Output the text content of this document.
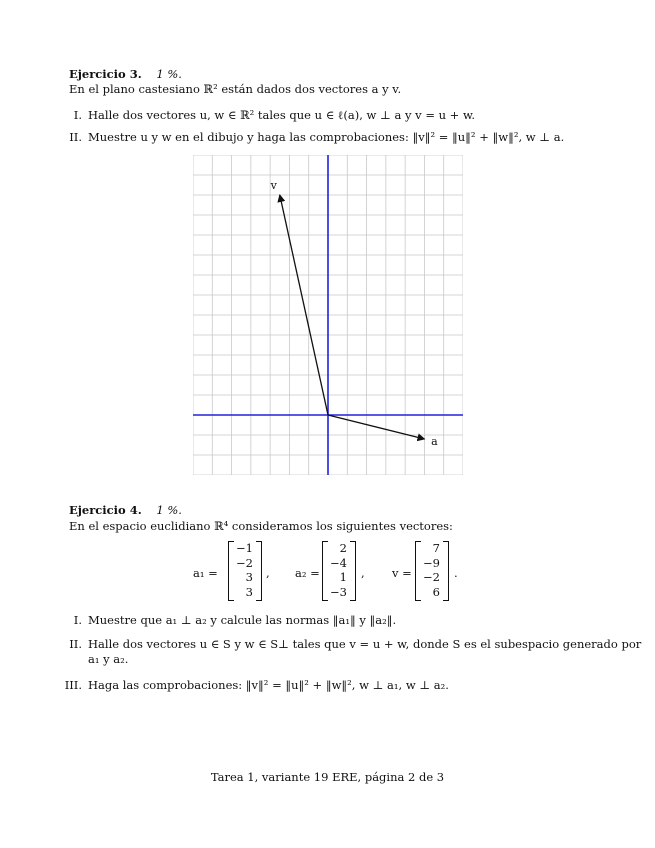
Ejercicio 3. 1 %.
En el plano castesiano ℝ² están dados dos vectores a y v.
I. Halle dos vectores u, w ∈ ℝ² tales que u ∈ ℓ(a), w ⊥ a y v = u + w.
II. Muestre u y w en el dibujo y haga las comprobaciones: ‖v‖² = ‖u‖² + ‖w‖², w ⊥ a.
v
a
Ejercicio 4. 1 %.
En el espacio euclidiano ℝ⁴ consideramos los siguientes vectores:
a₁ =
−1
−2
3
3
, a₂ =
2
−4
1
−3
, v =
7
−9
−2
6
.
I. Muestre que a₁ ⊥ a₂ y calcule las normas ‖a₁‖ y ‖a₂‖.
II. Halle dos vectores u ∈ S y w ∈ S⊥ tales que v = u + w, donde S es el subespacio generado por
a₁ y a₂.
III. Haga las comprobaciones: ‖v‖² = ‖u‖² + ‖w‖², w ⊥ a₁, w ⊥ a₂.
Tarea 1, variante 19 ERE, página 2 de 3
